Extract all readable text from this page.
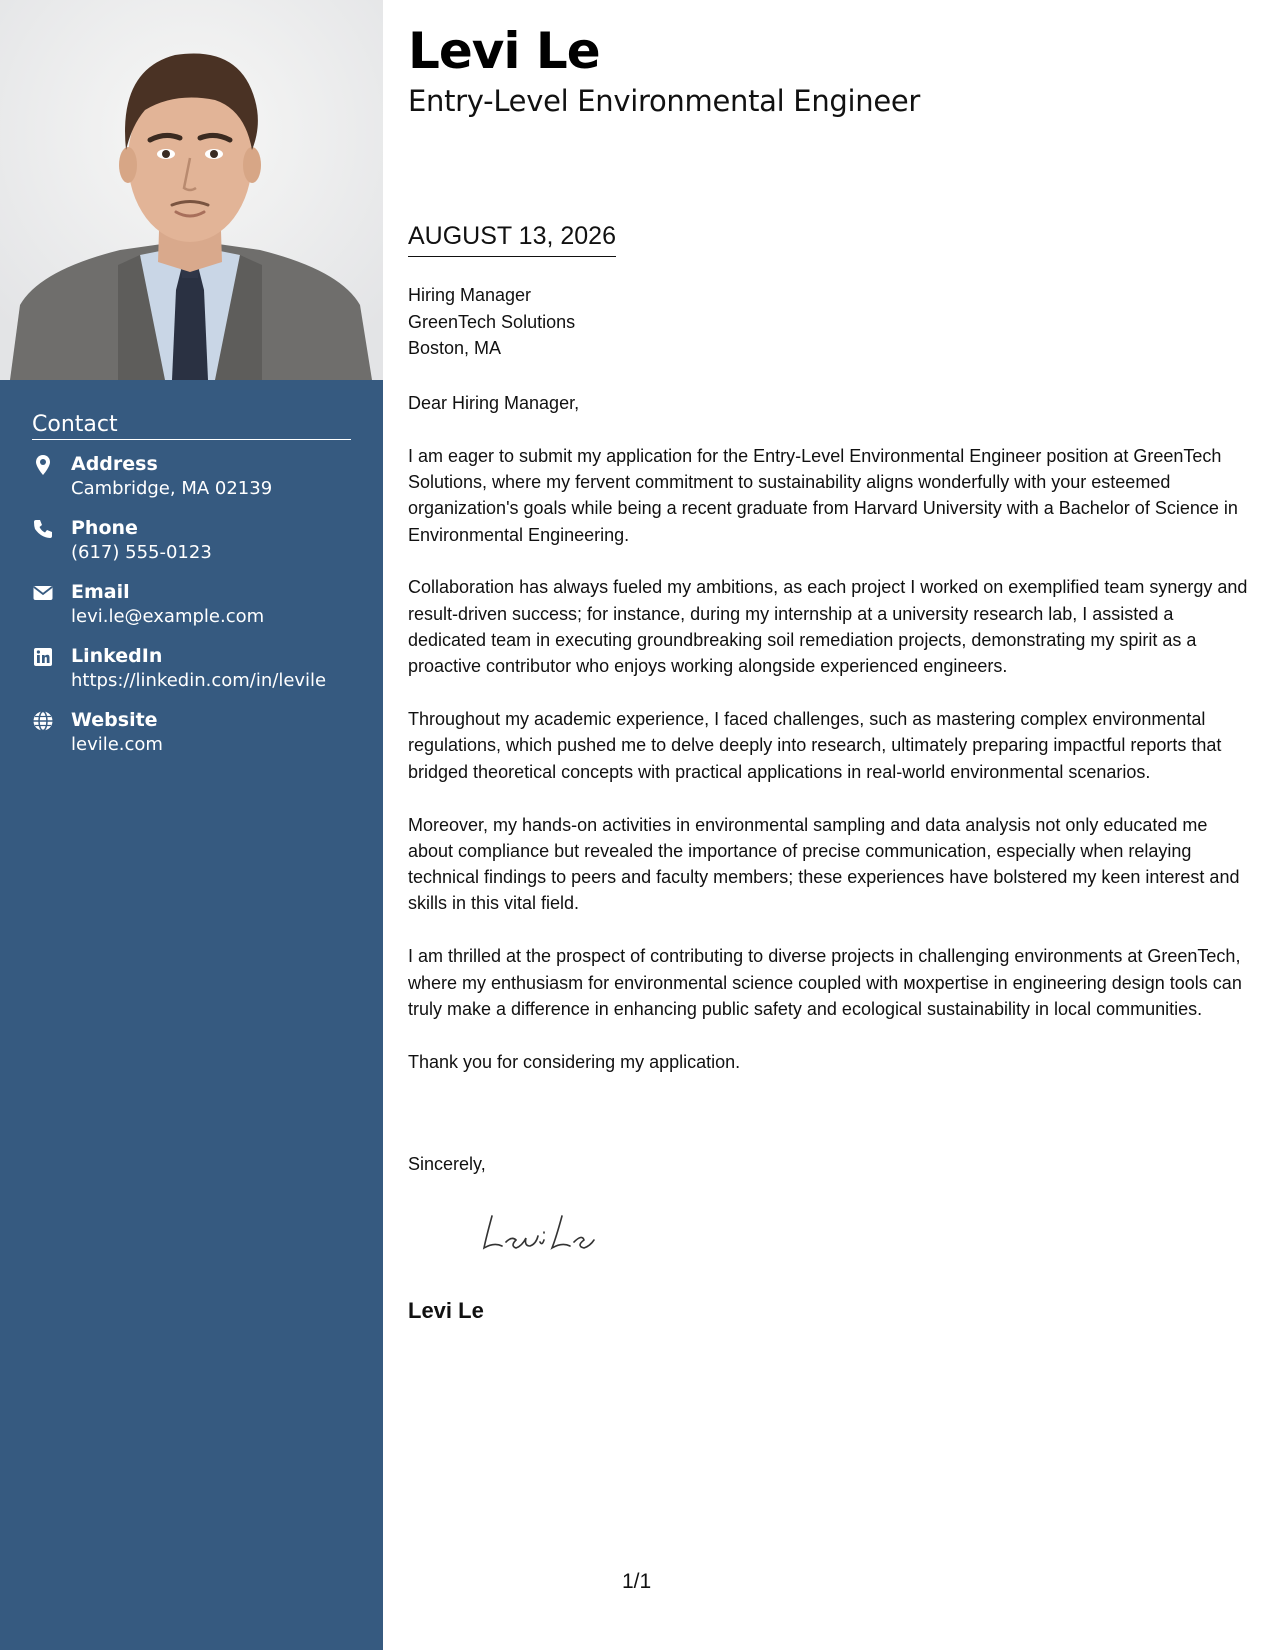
Contact
Address
Cambridge, MA 02139
Phone
(617) 555-0123
Email
levi.le@example.com
LinkedIn
https://linkedin.com/in/levile
Website
levile.com
Levi Le
Entry-Level Environmental Engineer
AUGUST 13, 2026
Hiring Manager
GreenTech Solutions
Boston, MA

Dear Hiring Manager,

I am eager to submit my application for the Entry-Level Environmental Engineer position at GreenTech Solutions, where my fervent commitment to sustainability aligns wonderfully with your esteemed organization's goals while being a recent graduate from Harvard University with a Bachelor of Science in Environmental Engineering.

Collaboration has always fueled my ambitions, as each project I worked on exemplified team synergy and result-driven success; for instance, during my internship at a university research lab, I assisted a dedicated team in executing groundbreaking soil remediation projects, demonstrating my spirit as a proactive contributor who enjoys working alongside experienced engineers.

Throughout my academic experience, I faced challenges, such as mastering complex environmental regulations, which pushed me to delve deeply into research, ultimately preparing impactful reports that bridged theoretical concepts with practical applications in real-world environmental scenarios.

Moreover, my hands-on activities in environmental sampling and data analysis not only educated me about compliance but revealed the importance of precise communication, especially when relaying technical findings to peers and faculty members; these experiences have bolstered my keen interest and skills in this vital field.

I am thrilled at the prospect of contributing to diverse projects in challenging environments at GreenTech, where my enthusiasm for environmental science coupled with мoxpertise in engineering design tools can truly make a difference in enhancing public safety and ecological sustainability in local communities.

Thank you for considering my application.

Sincerely,
Levi Le
1/1
